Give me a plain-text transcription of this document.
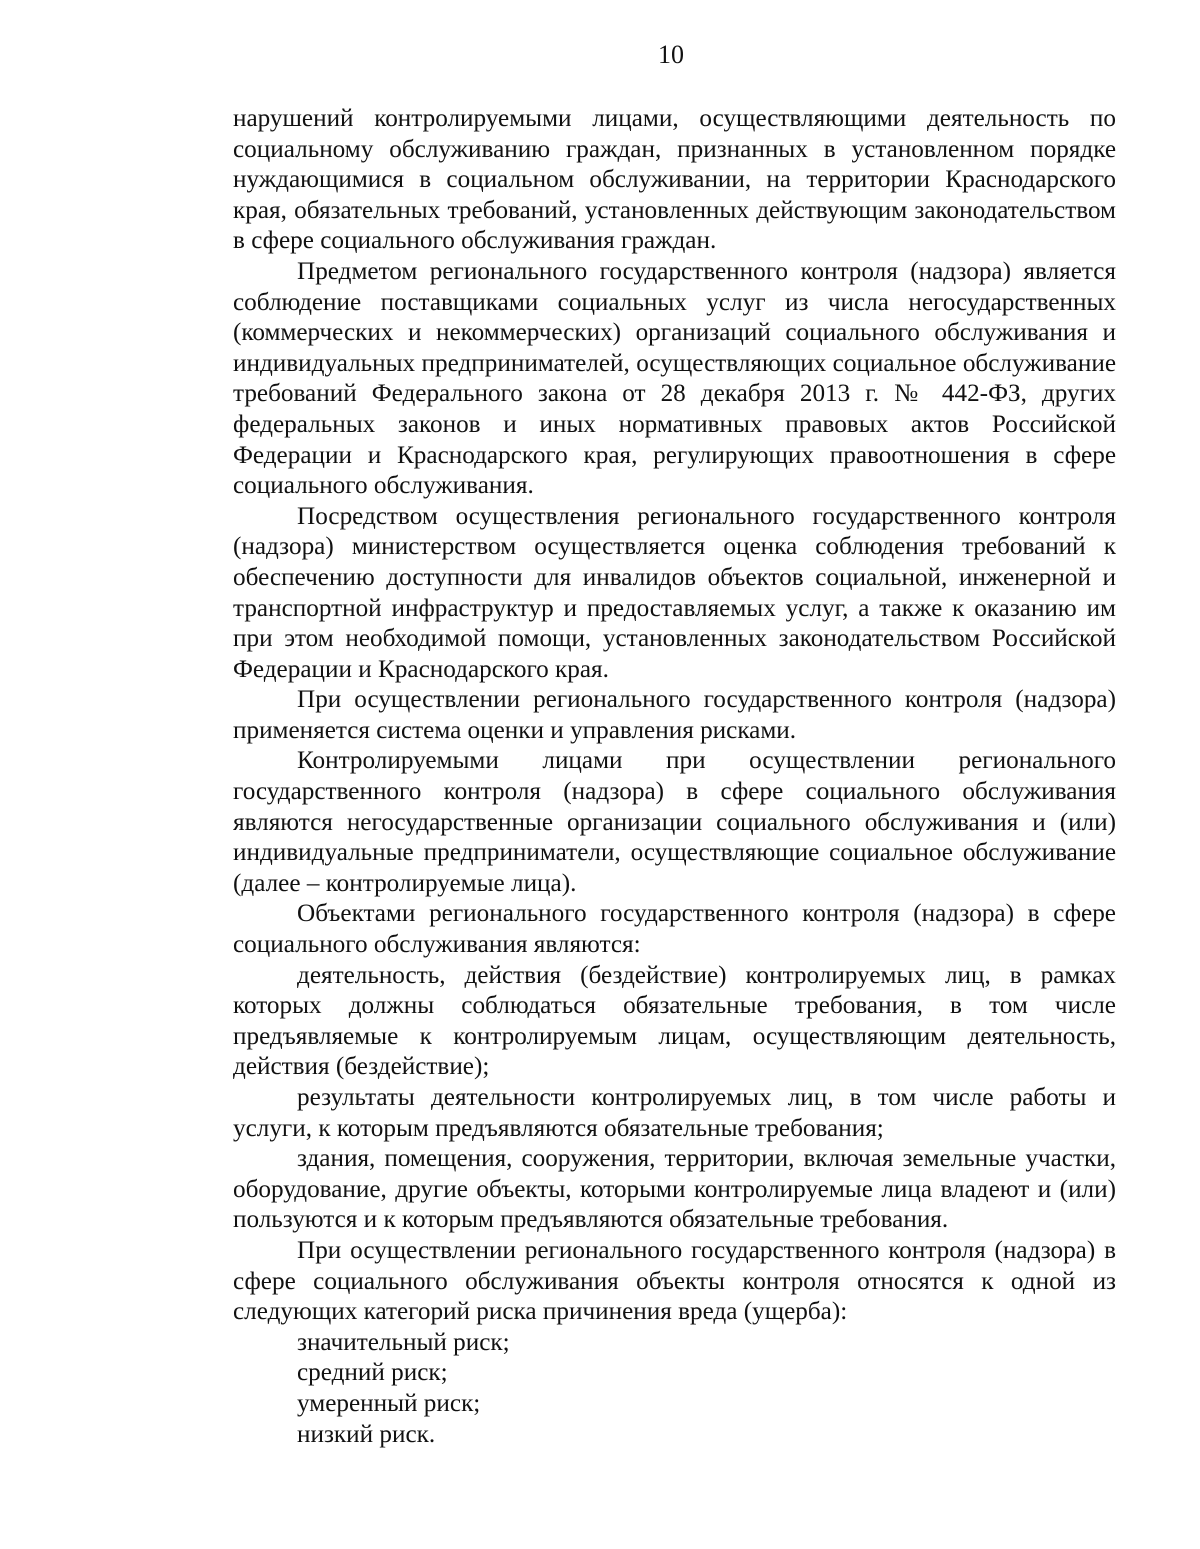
10

нарушений контролируемыми лицами, осуществляющими деятельность по социальному обслуживанию граждан, признанных в установленном порядке нуждающимися в социальном обслуживании, на территории Краснодарского края, обязательных требований, установленных действующим законодательством в сфере социального обслуживания граждан.

Предметом регионального государственного контроля (надзора) является соблюдение поставщиками социальных услуг из числа негосударственных (коммерческих и некоммерческих) организаций социального обслуживания и индивидуальных предпринимателей, осуществляющих социальное обслуживание требований Федерального закона от 28 декабря 2013 г. № 442-ФЗ, других федеральных законов и иных нормативных правовых актов Российской Федерации и Краснодарского края, регулирующих правоотношения в сфере социального обслуживания.

Посредством осуществления регионального государственного контроля (надзора) министерством осуществляется оценка соблюдения требований к обеспечению доступности для инвалидов объектов социальной, инженерной и транспортной инфраструктур и предоставляемых услуг, а также к оказанию им при этом необходимой помощи, установленных законодательством Российской Федерации и Краснодарского края.

При осуществлении регионального государственного контроля (надзора) применяется система оценки и управления рисками.

Контролируемыми лицами при осуществлении регионального государственного контроля (надзора) в сфере социального обслуживания являются негосударственные организации социального обслуживания и (или) индивидуальные предприниматели, осуществляющие социальное обслуживание (далее – контролируемые лица).

Объектами регионального государственного контроля (надзора) в сфере социального обслуживания являются:

деятельность, действия (бездействие) контролируемых лиц, в рамках которых должны соблюдаться обязательные требования, в том числе предъявляемые к контролируемым лицам, осуществляющим деятельность, действия (бездействие);

результаты деятельности контролируемых лиц, в том числе работы и услуги, к которым предъявляются обязательные требования;

здания, помещения, сооружения, территории, включая земельные участки, оборудование, другие объекты, которыми контролируемые лица владеют и (или) пользуются и к которым предъявляются обязательные требования.

При осуществлении регионального государственного контроля (надзора) в сфере социального обслуживания объекты контроля относятся к одной из следующих категорий риска причинения вреда (ущерба):

значительный риск;

средний риск;

умеренный риск;

низкий риск.
